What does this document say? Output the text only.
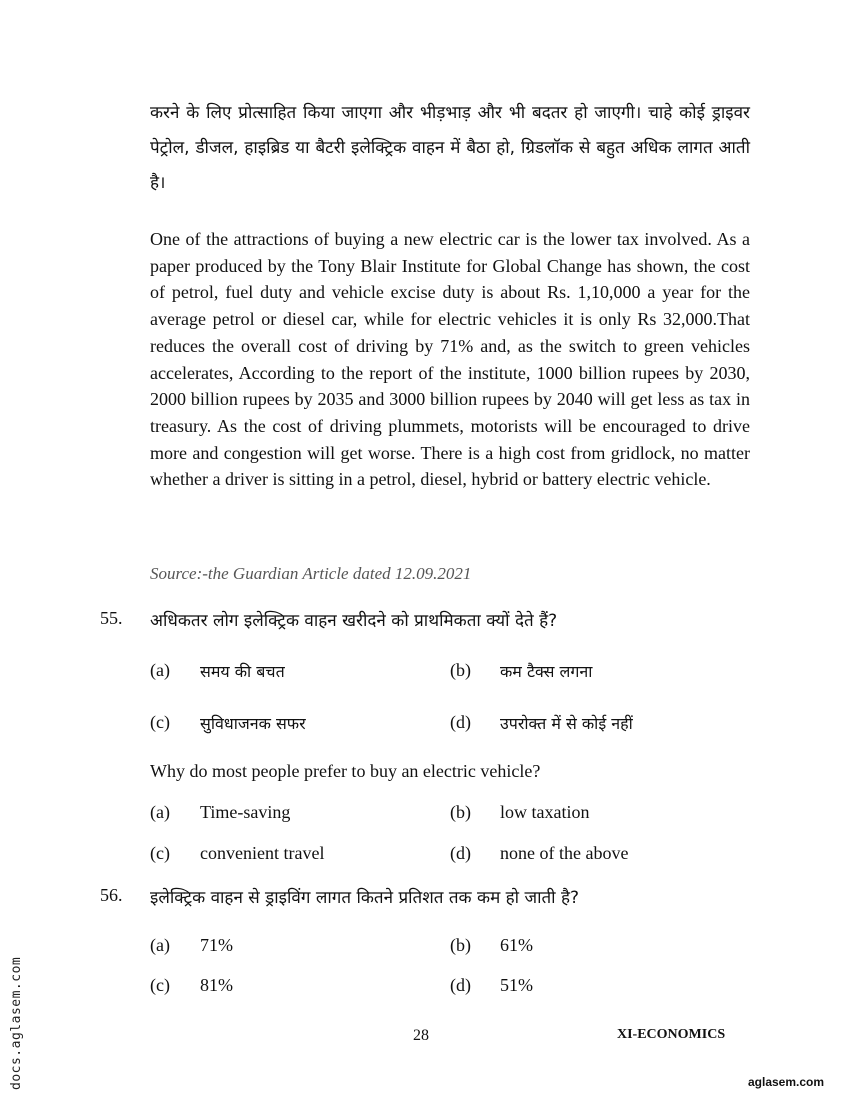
करने के लिए प्रोत्साहित किया जाएगा और भीड़भाड़ और भी बदतर हो जाएगी। चाहे कोई ड्राइवर पेट्रोल, डीजल, हाइब्रिड या बैटरी इलेक्ट्रिक वाहन में बैठा हो, ग्रिडलॉक से बहुत अधिक लागत आती है।
One of the attractions of buying a new electric car is the lower tax involved. As a paper produced by the Tony Blair Institute for Global Change has shown, the cost of petrol, fuel duty and vehicle excise duty is about Rs. 1,10,000 a year for the average petrol or diesel car, while for electric vehicles it is only Rs 32,000.That reduces the overall cost of driving by 71% and, as the switch to green vehicles accelerates, According to the report of the institute, 1000 billion rupees by 2030, 2000 billion rupees by 2035 and 3000 billion rupees by 2040 will get less as tax in treasury. As the cost of driving plummets, motorists will be encouraged to drive more and congestion will get worse. There is a high cost from gridlock, no matter whether a driver is sitting in a petrol, diesel, hybrid or battery electric vehicle.
Source:-the Guardian Article dated 12.09.2021
55. अधिकतर लोग इलेक्ट्रिक वाहन खरीदने को प्राथमिकता क्यों देते हैं?
(a) समय की बचत	(b) कम टैक्स लगना
(c) सुविधाजनक सफर	(d) उपरोक्त में से कोई नहीं
Why do most people prefer to buy an electric vehicle?
(a) Time-saving	(b) low taxation
(c) convenient travel	(d) none of the above
56. इलेक्ट्रिक वाहन से ड्राइविंग लागत कितने प्रतिशत तक कम हो जाती है?
(a) 71%	(b) 61%
(c) 81%	(d) 51%
28	XI-ECONOMICS
docs.aglasem.com	aglasem.com
